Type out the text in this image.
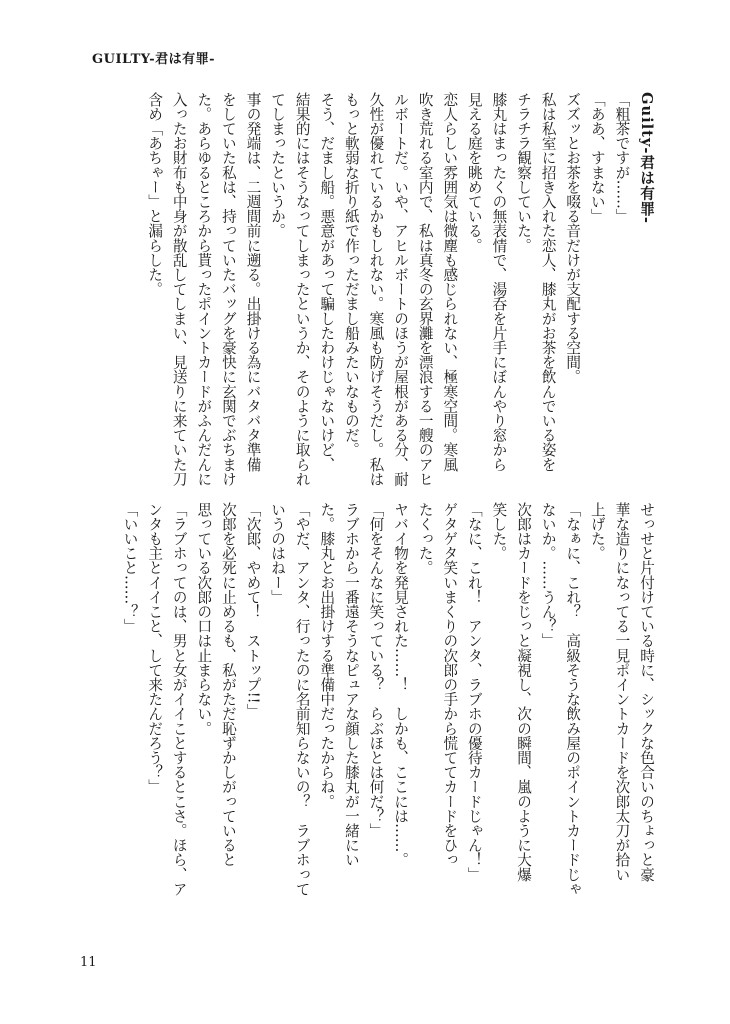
GUILTY-君は有罪-
Guilty-君は有罪-
「粗茶ですが……」
「ああ、すまない」
ズズッとお茶を啜る音だけが支配する空間。
私は私室に招き入れた恋人、膝丸がお茶を飲んでいる姿を
チラチラ観察していた。
膝丸はまったくの無表情で、湯呑を片手にぼんやり窓から
見える庭を眺めている。
恋人らしい雰囲気は微塵も感じられない、極寒空間。寒風
吹き荒れる室内で、私は真冬の玄界灘を漂浪する一艘のアヒ
ルボートだ。いや、アヒルボートのほうが屋根がある分、耐
久性が優れているかもしれない。寒風も防げそうだし。私は
もっと軟弱な折り紙で作っただまし船みたいなものだ。
そう、だまし船。悪意があって騙したわけじゃないけど、
結果的にはそうなってしまったというか、そのように取られ
てしまったというか。
事の発端は、二週間前に遡る。出掛ける為にバタバタ準備
をしていた私は、持っていたバッグを豪快に玄関でぶちまけ
た。あらゆるところから貰ったポイントカードがふんだんに
入ったお財布も中身が散乱してしまい、見送りに来ていた刀
含め「あちゃー」と漏らした。
せっせと片付けている時に、シックな色合いのちょっと豪
華な造りになってる一見ポイントカードを次郎太刀が拾い
上げた。
「なぁに、これ？　高級そうな飲み屋のポイントカードじゃ
ないか。……うん？」
次郎はカードをじっと凝視し、次の瞬間、嵐のように大爆
笑した。
「なに、これ！　アンタ、ラブホの優待カードじゃん！」
ゲタゲタ笑いまくりの次郎の手から慌ててカードをひっ
たくった。
ヤバイ物を発見された……！　しかも、ここには……。
「何をそんなに笑っている？　らぶほとは何だ？」
ラブホから一番遠そうなピュアな顔した膝丸が一緒にい
た。膝丸とお出掛けする準備中だったからね。
「やだ、アンタ、行ったのに名前知らないの？　ラブホって
いうのはねー」
「次郎、やめて！　ストップ!!」
次郎を必死に止めるも、私がただ恥ずかしがっていると
思っている次郎の口は止まらない。
「ラブホってのは、男と女がイイことするとこさ。ほら、ア
ンタも主とイイこと、して来たんだろう？」
「いいこと……？」
11
